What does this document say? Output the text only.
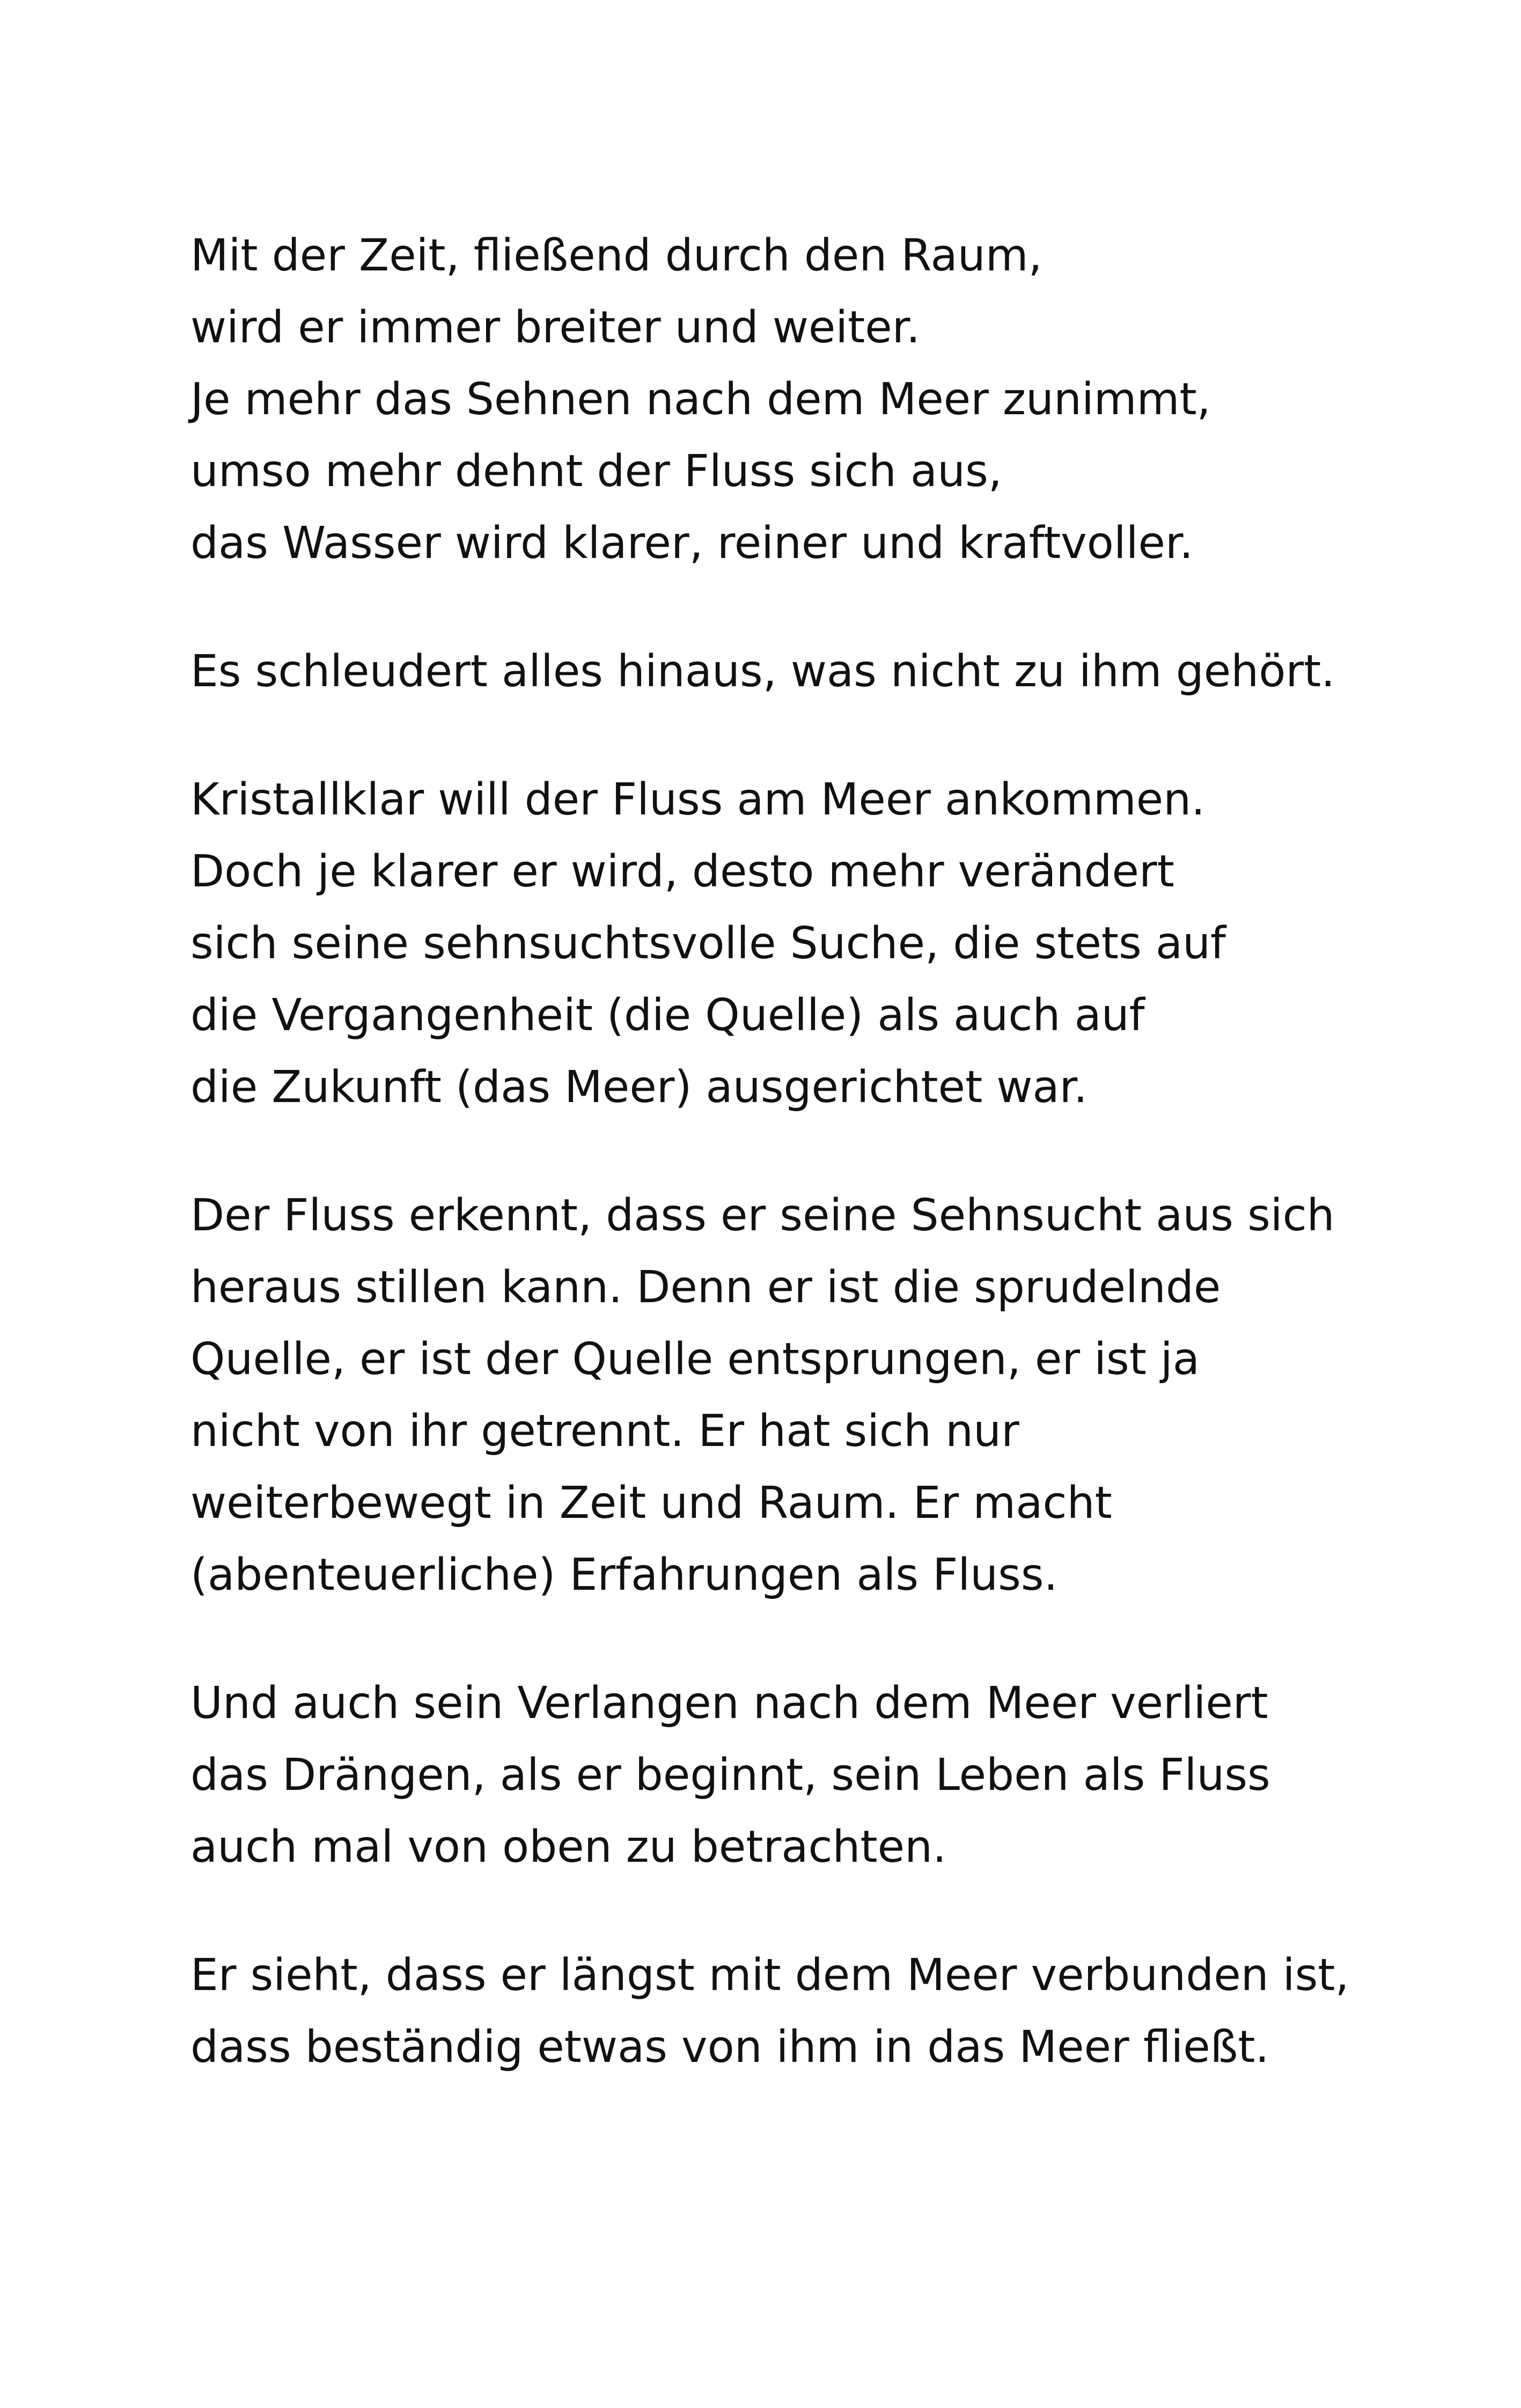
Mit der Zeit, fließend durch den Raum,
wird er immer breiter und weiter.
Je mehr das Sehnen nach dem Meer zunimmt,
umso mehr dehnt der Fluss sich aus,
das Wasser wird klarer, reiner und kraftvoller.

Es schleudert alles hinaus, was nicht zu ihm gehört.

Kristallklar will der Fluss am Meer ankommen.
Doch je klarer er wird, desto mehr verändert
sich seine sehnsuchtsvolle Suche, die stets auf
die Vergangenheit (die Quelle) als auch auf
die Zukunft (das Meer) ausgerichtet war.

Der Fluss erkennt, dass er seine Sehnsucht aus sich
heraus stillen kann. Denn er ist die sprudelnde
Quelle, er ist der Quelle entsprungen, er ist ja
nicht von ihr getrennt. Er hat sich nur
weiterbewegt in Zeit und Raum. Er macht
(abenteuerliche) Erfahrungen als Fluss.

Und auch sein Verlangen nach dem Meer verliert
das Drängen, als er beginnt, sein Leben als Fluss
auch mal von oben zu betrachten.

Er sieht, dass er längst mit dem Meer verbunden ist,
dass beständig etwas von ihm in das Meer fließt.
